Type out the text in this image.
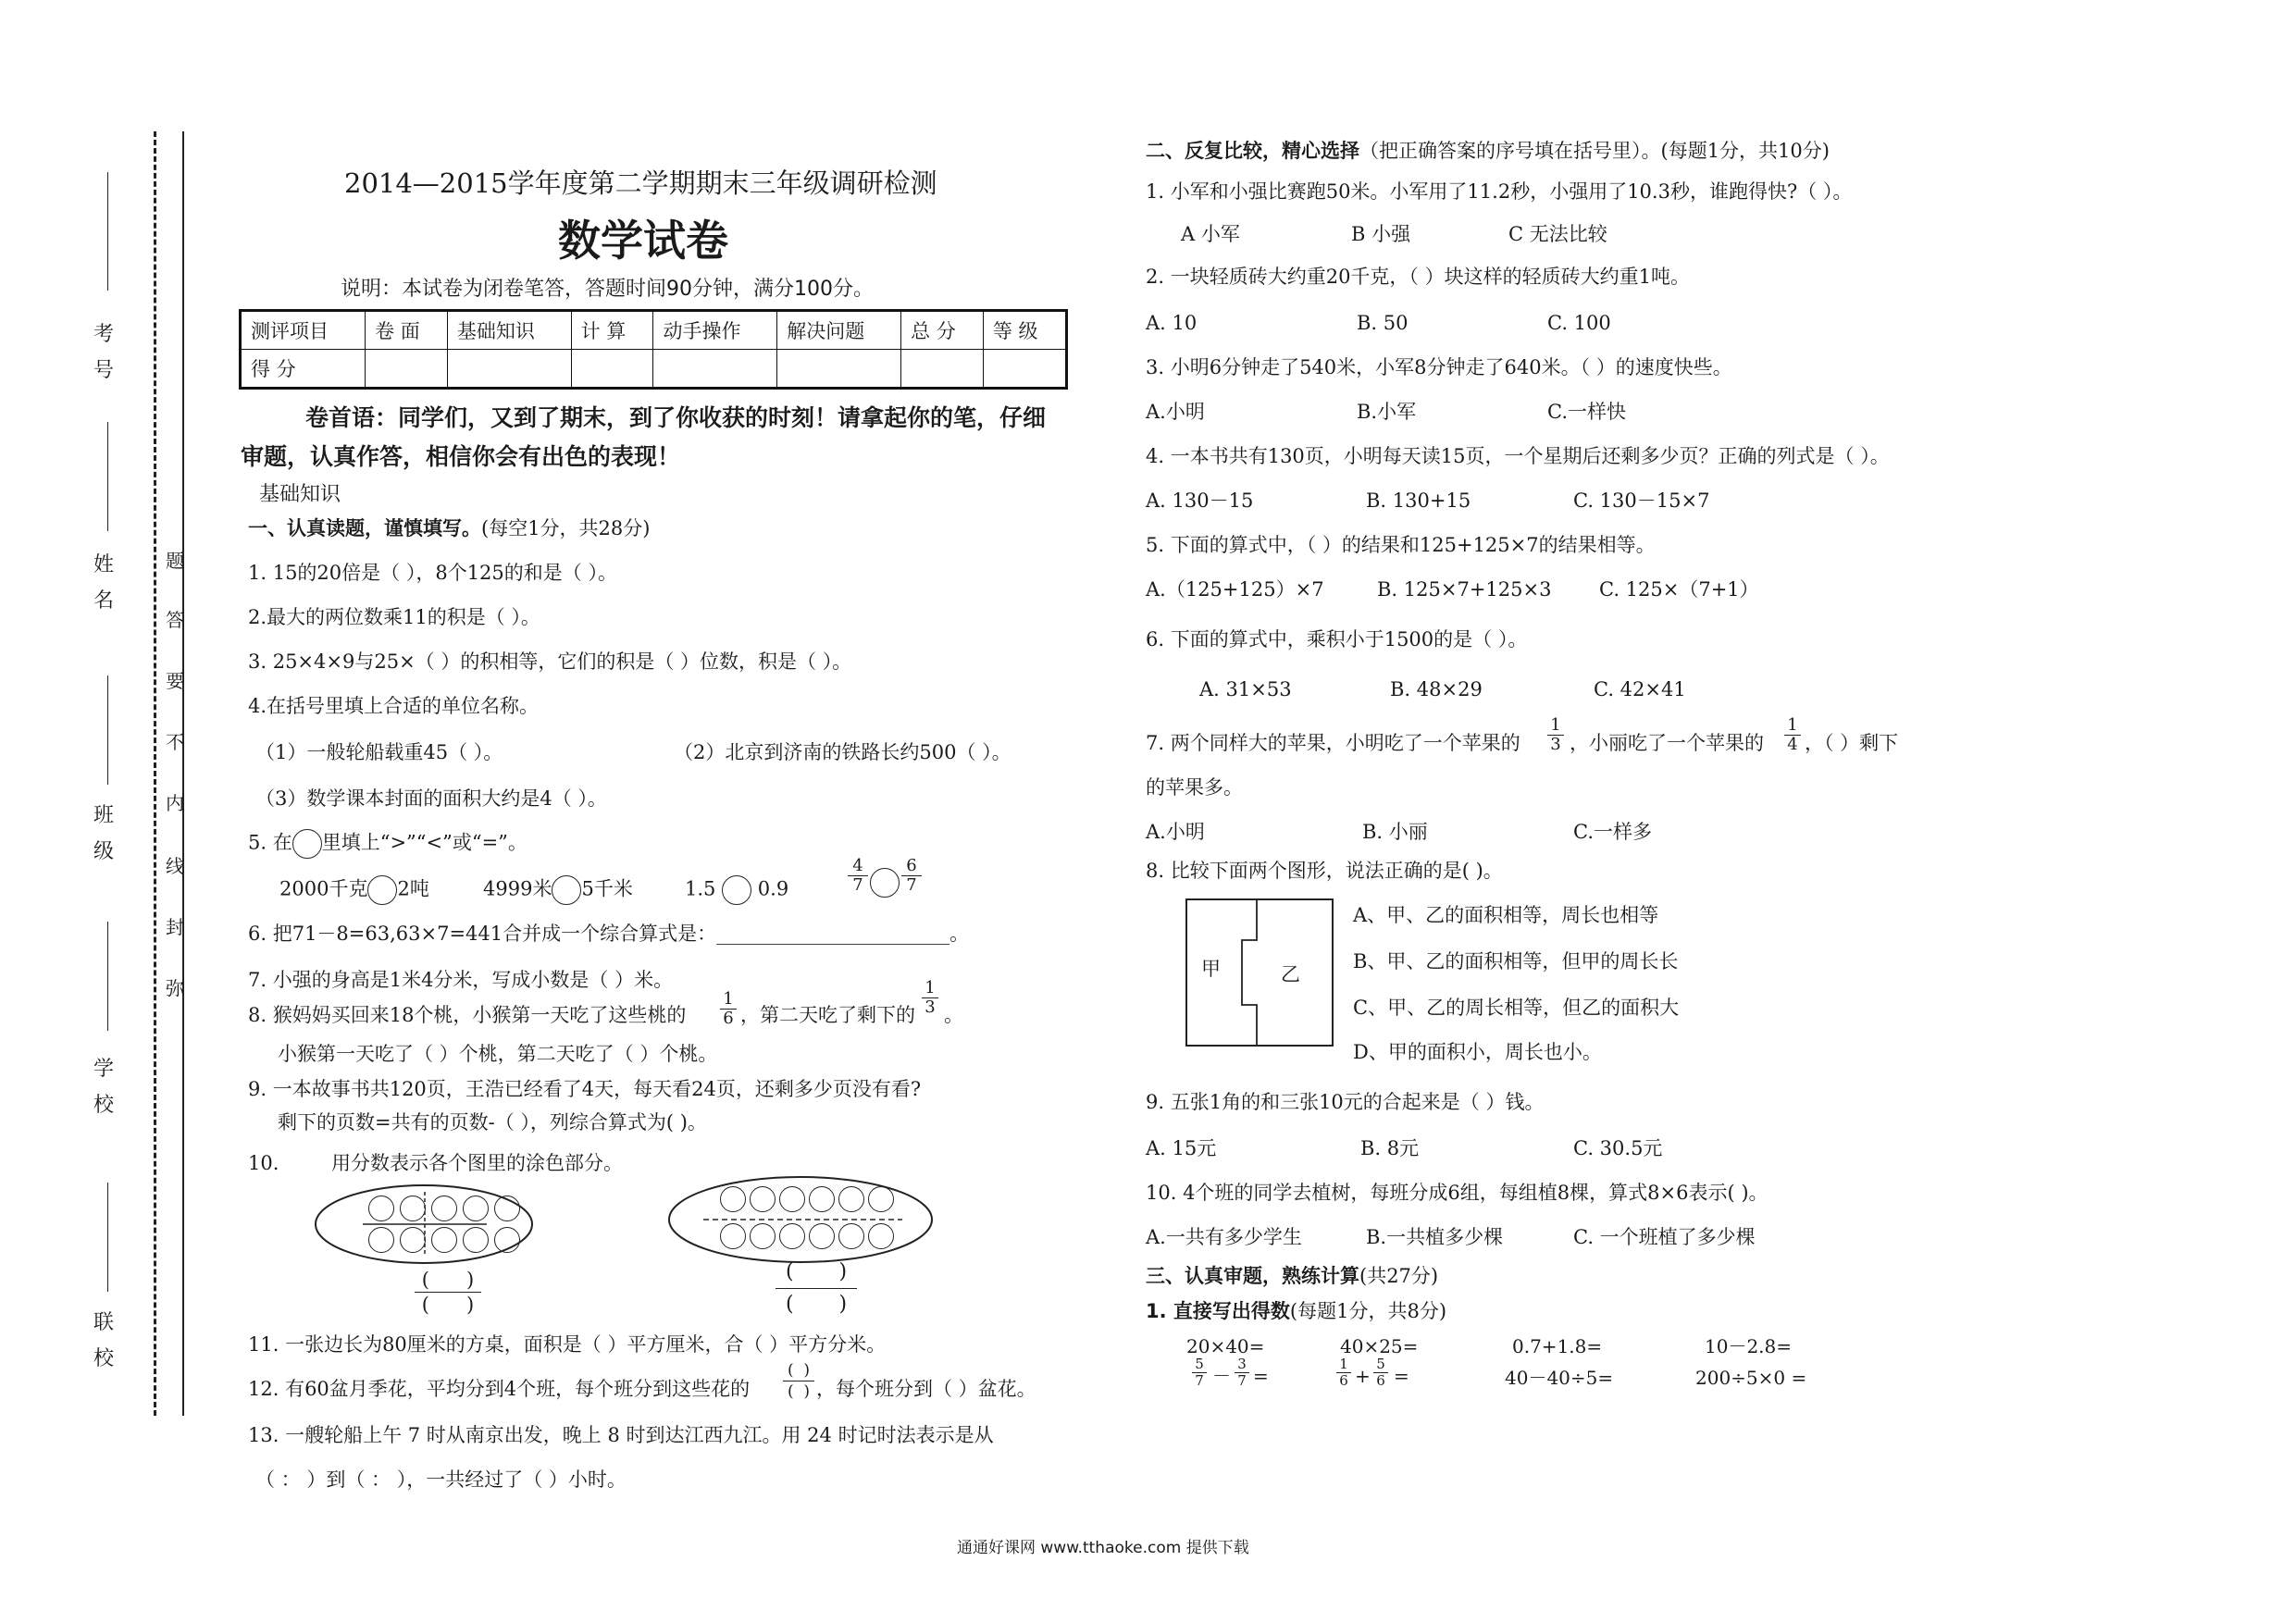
考
号
姓
名
班
级
学
校
联
校
题
答
要
不
内
线
封
弥
2014—2015学年度第二学期期末三年级调研检测
数学试卷
说明：本试卷为闭卷笔答，答题时间90分钟，满分100分。
测评项目	卷 面	基础知识	计 算	动手操作	解决问题	总 分	等 级
得 分							
卷首语：同学们，又到了期末，到了你收获的时刻！请拿起你的笔，仔细
审题，认真作答，相信你会有出色的表现！
基础知识
一、认真读题，谨慎填写。(每空1分，共28分)
1. 15的20倍是（ ），8个125的和是（ ）。
2.最大的两位数乘11的积是（ ）。
3. 25×4×9与25×（ ）的积相等，它们的积是（ ）位数，积是（ ）。
4.在括号里填上合适的单位名称。
（1）一般轮船载重45（ ）。	（2）北京到济南的铁路长约500（ ）。
（3）数学课本封面的面积大约是4（ ）。
5. 在 里填上“>”“<”或“=”。
2000千克 2吨	4999米 5千米	1.5 0.9	$\frac{4}{7} \frac{6}{7}$
6. 把71－8=63,63×7=441合并成一个综合算式是：________________________。
7. 小强的身高是1米4分米，写成小数是（ ）米。
8. 猴妈妈买回来18个桃，小猴第一天吃了这些桃的 $\frac{1}{6}$ ，第二天吃了剩下的 $\frac{1}{3}$ 。
小猴第一天吃了（ ）个桃，第二天吃了（ ）个桃。
9. 一本故事书共120页，王浩已经看了4天，每天看24页，还剩多少页没有看?
剩下的页数=共有的页数-（ ），列综合算式为( )。
10.	用分数表示各个图里的涂色部分。
(      )
(      )
(       )
(       )
11. 一张边长为80厘米的方桌，面积是（ ）平方厘米，合（ ）平方分米。
12. 有60盆月季花，平均分到4个班，每个班分到这些花的
(  )
(  ) ，每个班分到（ ）盆花。
13. 一艘轮船上午 7 时从南京出发，晚上 8 时到达江西九江。用 24 时记时法表示是从
（ ： ）到（ ： ），一共经过了（ ）小时。
二、反复比较，精心选择（把正确答案的序号填在括号里）。(每题1分，共10分)
1. 小军和小强比赛跑50米。小军用了11.2秒，小强用了10.3秒，谁跑得快?（ ）。
A 小军	B 小强	C 无法比较
2. 一块轻质砖大约重20千克，（ ）块这样的轻质砖大约重1吨。
A. 10	B. 50	C. 100
3. 小明6分钟走了540米，小军8分钟走了640米。（ ）的速度快些。
A.小明	B.小军	C.一样快
4. 一本书共有130页，小明每天读15页，一个星期后还剩多少页？正确的列式是（ ）。
A. 130－15	B. 130+15	C. 130－15×7
5. 下面的算式中，（ ）的结果和125+125×7的结果相等。
A.（125+125）×7	B. 125×7+125×3 C. 125×（7+1）
6. 下面的算式中，乘积小于1500的是（ ）。
A. 31×53	B. 48×29	C. 42×41
7. 两个同样大的苹果，小明吃了一个苹果的 $\frac{1}{3}$ ，小丽吃了一个苹果的 $\frac{1}{4}$ ，（ ）剩下
的苹果多。
A.小明	B. 小丽	C.一样多
8. 比较下面两个图形，说法正确的是( )。
甲	乙
A、甲、乙的面积相等，周长也相等
B、甲、乙的面积相等，但甲的周长长
C、甲、乙的周长相等，但乙的面积大
D、甲的面积小，周长也小。
9. 五张1角的和三张10元的合起来是（ ）钱。
A. 15元	B. 8元	C. 30.5元
10. 4个班的同学去植树，每班分成6组，每组植8棵，算式8×6表示( )。
A.一共有多少学生	B.一共植多少棵	C. 一个班植了多少棵
三、认真审题，熟练计算(共27分)
1. 直接写出得数(每题1分，共8分)
20×40=	40×25=	0.7+1.8=	10－2.8=
$\frac{5}{7} - \frac{3}{7}$ =	$\frac{1}{6} + \frac{5}{6}$ =	40－40÷5=	200÷5×0 =
通通好课网 www.tthaoke.com 提供下载
